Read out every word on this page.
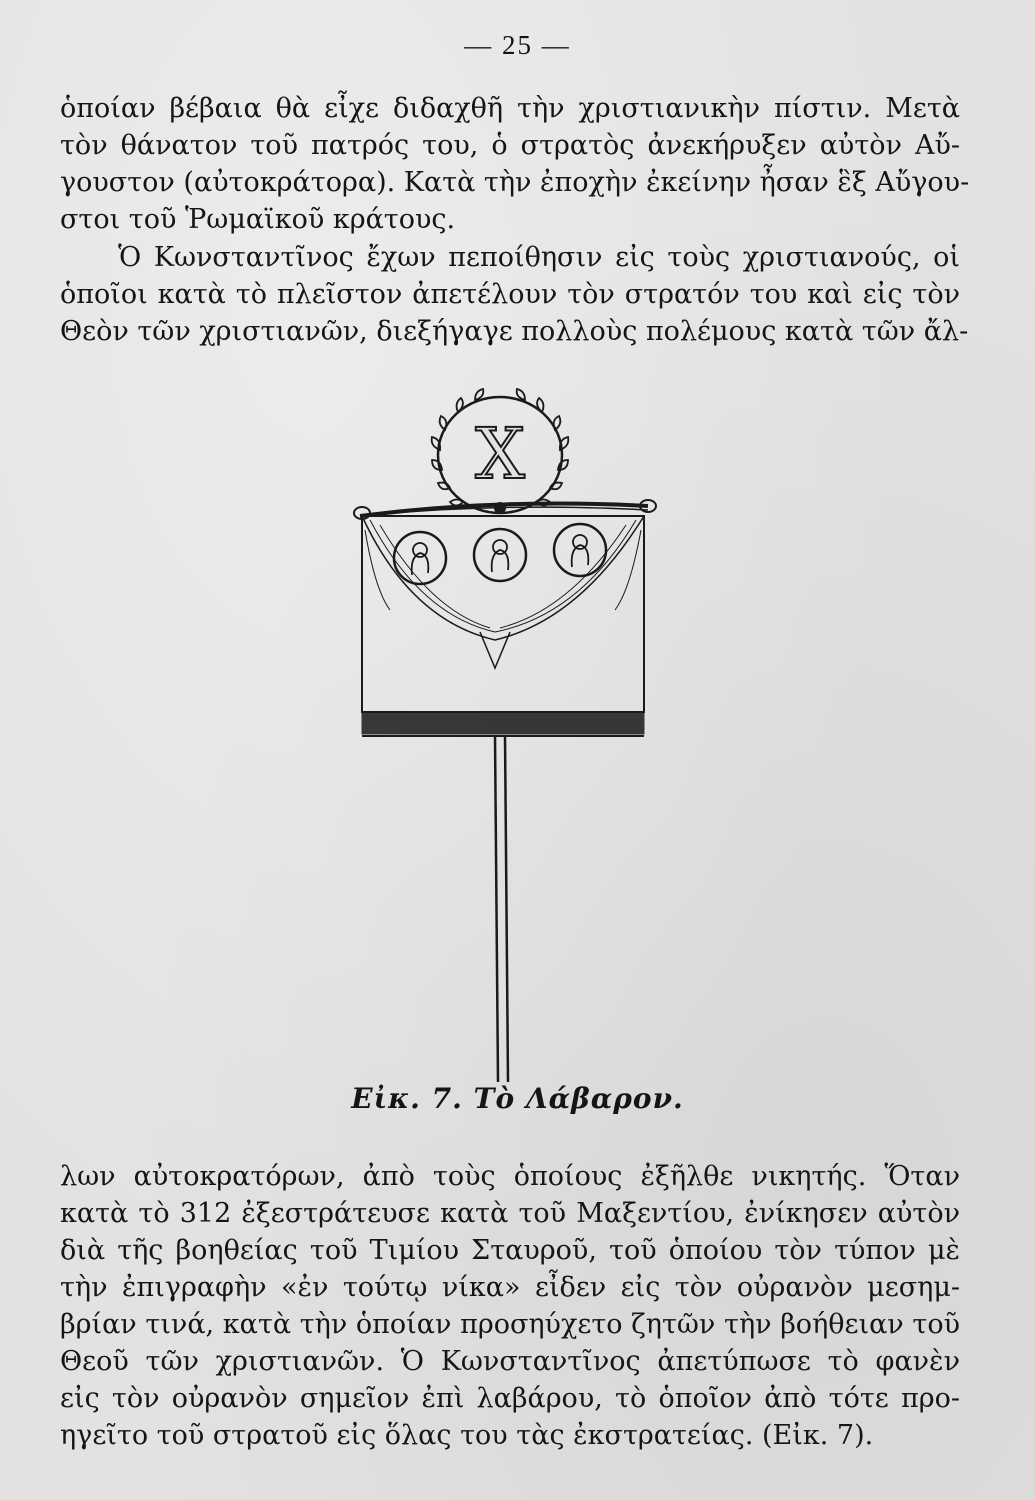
— 25 —

ὁποίαν βέβαια θὰ εἶχε διδαχθῆ τὴν χριστιανικὴν πίστιν. Μετὰ
τὸν θάνατον τοῦ πατρός του, ὁ στρατὸς ἀνεκήρυξεν αὐτὸν Αὔ-
γουστον (αὐτοκράτορα). Κατὰ τὴν ἐποχὴν ἐκείνην ἦσαν ἓξ Αὔγου-
στοι τοῦ Ῥωμαϊκοῦ κράτους.

Ὁ Κωνσταντῖνος ἔχων πεποίθησιν εἰς τοὺς χριστιανούς, οἱ
ὁποῖοι κατὰ τὸ πλεῖστον ἀπετέλουν τὸν στρατόν του καὶ εἰς τὸν
Θεὸν τῶν χριστιανῶν, διεξήγαγε πολλοὺς πολέμους κατὰ τῶν ἄλ-

X
Εἰκ. 7. Τὸ Λάβαρον.

λων αὐτοκρατόρων, ἀπὸ τοὺς ὁποίους ἐξῆλθε νικητής. Ὅταν
κατὰ τὸ 312 ἐξεστράτευσε κατὰ τοῦ Μαξεντίου, ἐνίκησεν αὐτὸν
διὰ τῆς βοηθείας τοῦ Τιμίου Σταυροῦ, τοῦ ὁποίου τὸν τύπον μὲ
τὴν ἐπιγραφὴν «ἐν τούτῳ νίκα» εἶδεν εἰς τὸν οὐρανὸν μεσημ-
βρίαν τινά, κατὰ τὴν ὁποίαν προσηύχετο ζητῶν τὴν βοήθειαν τοῦ
Θεοῦ τῶν χριστιανῶν. Ὁ Κωνσταντῖνος ἀπετύπωσε τὸ φανὲν
εἰς τὸν οὐρανὸν σημεῖον ἐπὶ λαβάρου, τὸ ὁποῖον ἀπὸ τότε προ-
ηγεῖτο τοῦ στρατοῦ εἰς ὅλας του τὰς ἐκστρατείας. (Εἰκ. 7).
